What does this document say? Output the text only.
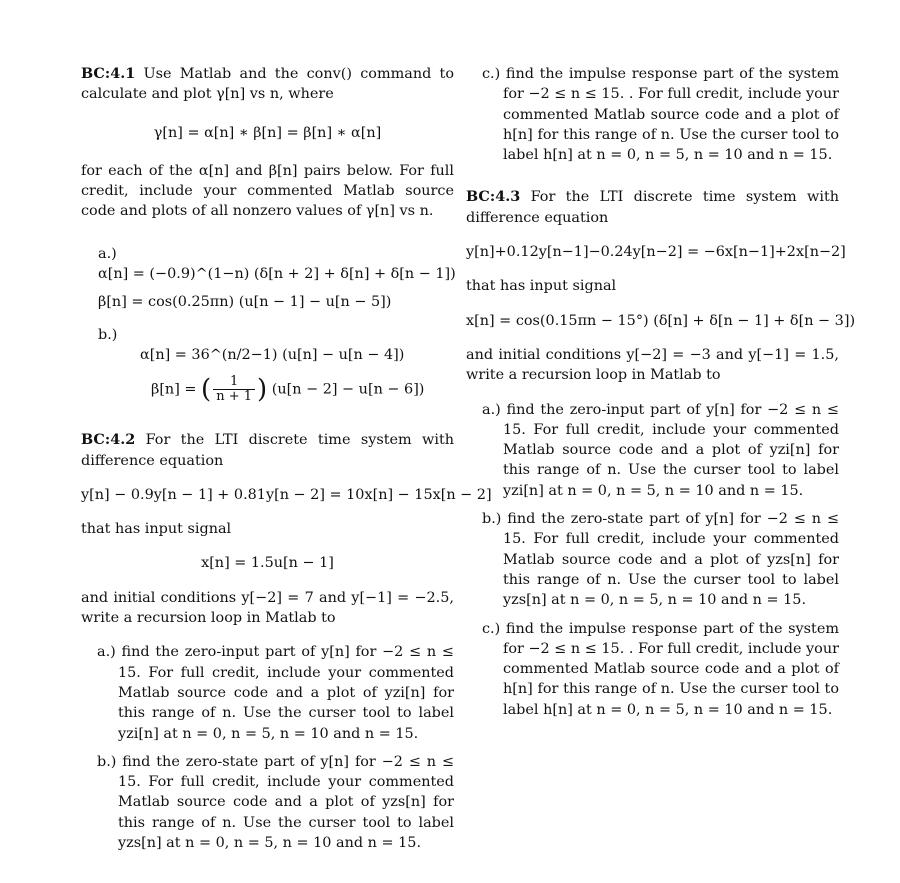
BC:4.1 Use Matlab and the conv() command to calculate and plot γ[n] vs n, where

γ[n] = α[n] ∗ β[n] = β[n] ∗ α[n]

for each of the α[n] and β[n] pairs below. For full credit, include your commented Matlab source code and plots of all nonzero values of γ[n] vs n.

a.)

α[n] = (−0.9)^(1−n) (δ[n + 2] + δ[n] + δ[n − 1])

β[n] = cos(0.25πn) (u[n − 1] − u[n − 5])

b.)

α[n] = 36^(n/2−1) (u[n] − u[n − 4])

β[n] = ( $\frac{1}{n + 1}$ ) (u[n − 2] − u[n − 6])

BC:4.2 For the LTI discrete time system with difference equation

y[n] − 0.9y[n − 1] + 0.81y[n − 2] = 10x[n] − 15x[n − 2]

that has input signal

x[n] = 1.5u[n − 1]

and initial conditions y[−2] = 7 and y[−1] = −2.5, write a recursion loop in Matlab to

a.) find the zero-input part of y[n] for −2 ≤ n ≤ 15. For full credit, include your commented Matlab source code and a plot of yzi[n] for this range of n. Use the curser tool to label yzi[n] at n = 0, n = 5, n = 10 and n = 15.

b.) find the zero-state part of y[n] for −2 ≤ n ≤ 15. For full credit, include your commented Matlab source code and a plot of yzs[n] for this range of n. Use the curser tool to label yzs[n] at n = 0, n = 5, n = 10 and n = 15.

c.) find the impulse response part of the system for −2 ≤ n ≤ 15. . For full credit, include your commented Matlab source code and a plot of h[n] for this range of n. Use the curser tool to label h[n] at n = 0, n = 5, n = 10 and n = 15.

BC:4.3 For the LTI discrete time system with difference equation

y[n]+0.12y[n−1]−0.24y[n−2] = −6x[n−1]+2x[n−2]

that has input signal

x[n] = cos(0.15πn − 15°) (δ[n] + δ[n − 1] + δ[n − 3])

and initial conditions y[−2] = −3 and y[−1] = 1.5, write a recursion loop in Matlab to

a.) find the zero-input part of y[n] for −2 ≤ n ≤ 15. For full credit, include your commented Matlab source code and a plot of yzi[n] for this range of n. Use the curser tool to label yzi[n] at n = 0, n = 5, n = 10 and n = 15.

b.) find the zero-state part of y[n] for −2 ≤ n ≤ 15. For full credit, include your commented Matlab source code and a plot of yzs[n] for this range of n. Use the curser tool to label yzs[n] at n = 0, n = 5, n = 10 and n = 15.

c.) find the impulse response part of the system for −2 ≤ n ≤ 15. . For full credit, include your commented Matlab source code and a plot of h[n] for this range of n. Use the curser tool to label h[n] at n = 0, n = 5, n = 10 and n = 15.
